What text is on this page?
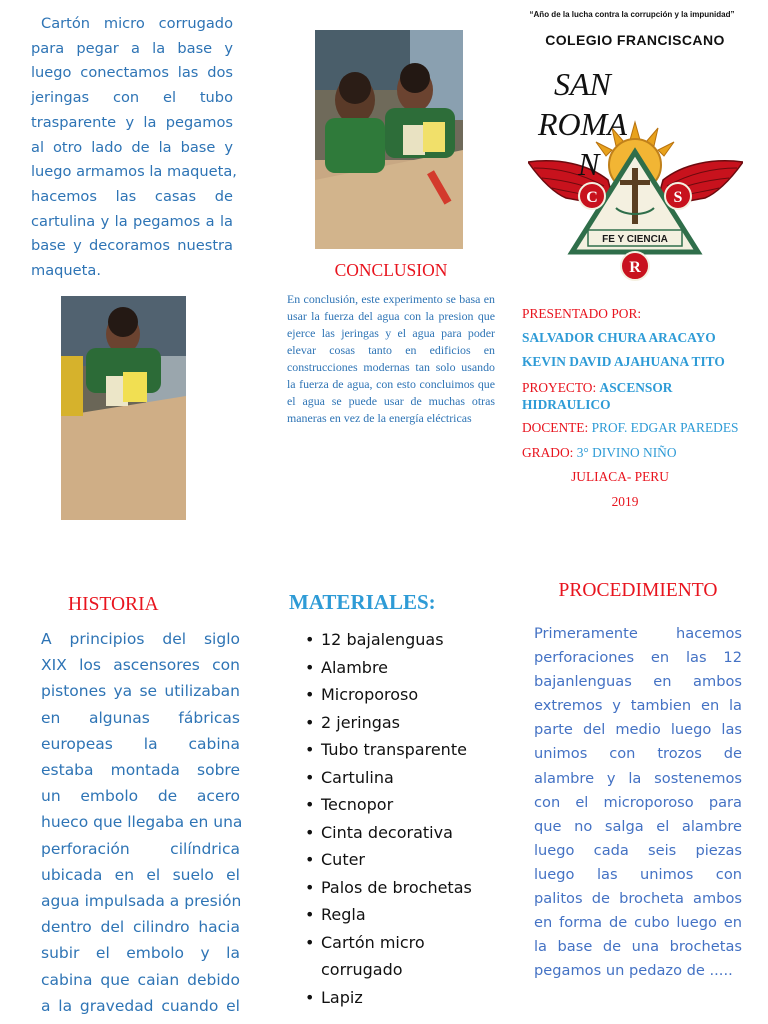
Cartón micro corrugado
para pegar a la base y
luego conectamos las dos
jeringas con el tubo
trasparente y la pegamos
al otro lado de la base y
luego armamos la maqueta,
hacemos las casas de
cartulina y la pegamos a la
base y decoramos nuestra
maqueta.	CONCLUSION
En conclusión, este experimento se basa en usar la fuerza del agua con la presion que ejerce las jeringas y el agua para poder elevar cosas tanto en edificios en construcciones modernas tan solo usando la fuerza de agua, con esto concluimos que el agua se puede usar de muchas otras maneras en vez de la energía eléctricas
“Año de la lucha contra la corrupción y la impunidad”
COLEGIO FRANCISCANO
FE Y CIENCIA
C	S
R
SAN
ROMA
N
PRESENTADO POR:
SALVADOR CHURA ARACAYO
KEVIN DAVID AJAHUANA TITO
PROYECTO: ASCENSOR
HIDRAULICO
DOCENTE: PROF. EDGAR PAREDES
GRADO: 3° DIVINO NIÑO
JULIACA- PERU
2019
HISTORIA
A principios del siglo
XIX los ascensores con
pistones ya se utilizaban
en algunas fábricas
europeas la cabina
estaba montada sobre
un embolo de acero
hueco que llegaba en una
perforación cilíndrica
ubicada en el suelo el
agua impulsada a presión
dentro del cilindro hacia
subir el embolo y la
cabina que caian debido
a la gravedad cuando el
MATERIALES:
• 12 bajalenguas
• Alambre
• Microporoso
• 2 jeringas
• Tubo transparente
• Cartulina
• Tecnopor
• Cinta decorativa
• Cuter
• Palos de brochetas
• Regla
• Cartón micro corrugado
• Lapiz
PROCEDIMIENTO
Primeramente hacemos
perforaciones en las 12
bajanlenguas en ambos
extremos y tambien en la
parte del medio luego las
unimos con trozos de
alambre y la sostenemos
con el microporoso para
que no salga el alambre
luego cada seis piezas
luego las unimos con
palitos de brocheta ambos
en forma de cubo luego en
la base de una brochetas
pegamos un pedazo de .....
